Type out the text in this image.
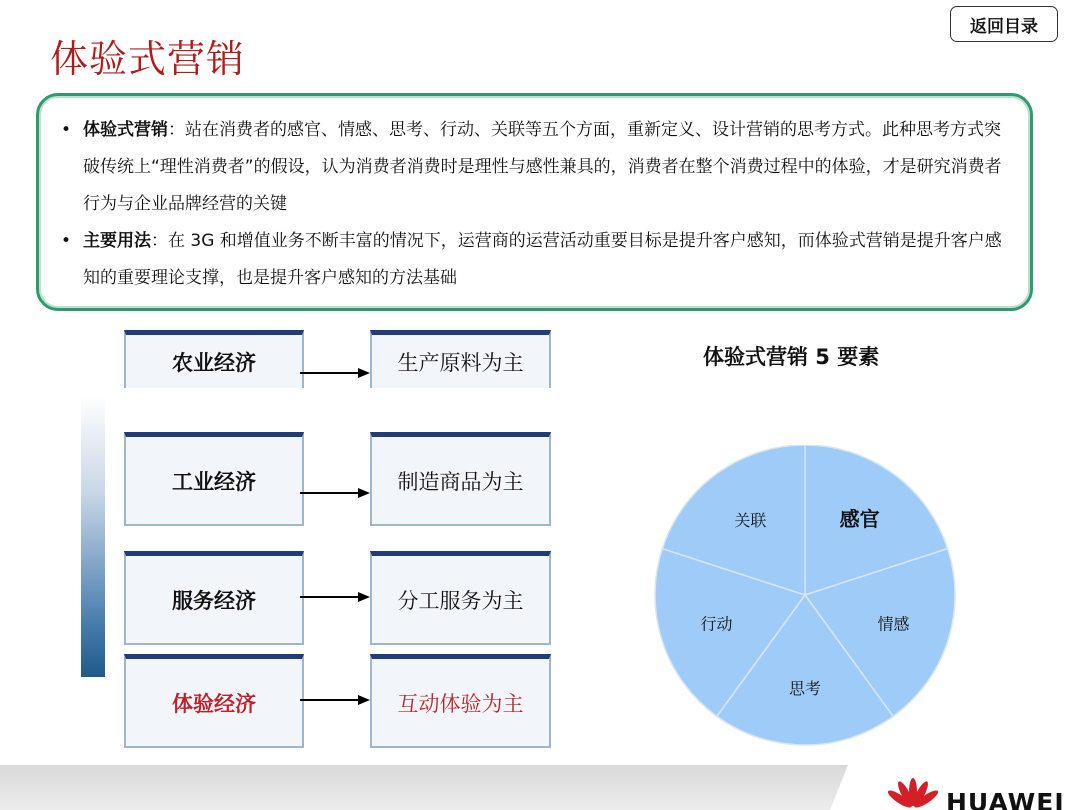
体验式营销
返回目录
• 体验式营销：站在消费者的感官、情感、思考、行动、关联等五个方面，重新定义、设计营销的思考方式。此种思考方式突破传统上“理性消费者”的假设，认为消费者消费时是理性与感性兼具的，消费者在整个消费过程中的体验，才是研究消费者行为与企业品牌经营的关键
• 主要用法：在 3G 和增值业务不断丰富的情况下，运营商的运营活动重要目标是提升客户感知，而体验式营销是提升客户感知的重要理论支撑，也是提升客户感知的方法基础
农业经济	生产原料为主
工业经济	制造商品为主
服务经济	分工服务为主
体验经济	互动体验为主
体验式营销 5 要素
感官
情感
思考
行动
关联
HUAWEI
